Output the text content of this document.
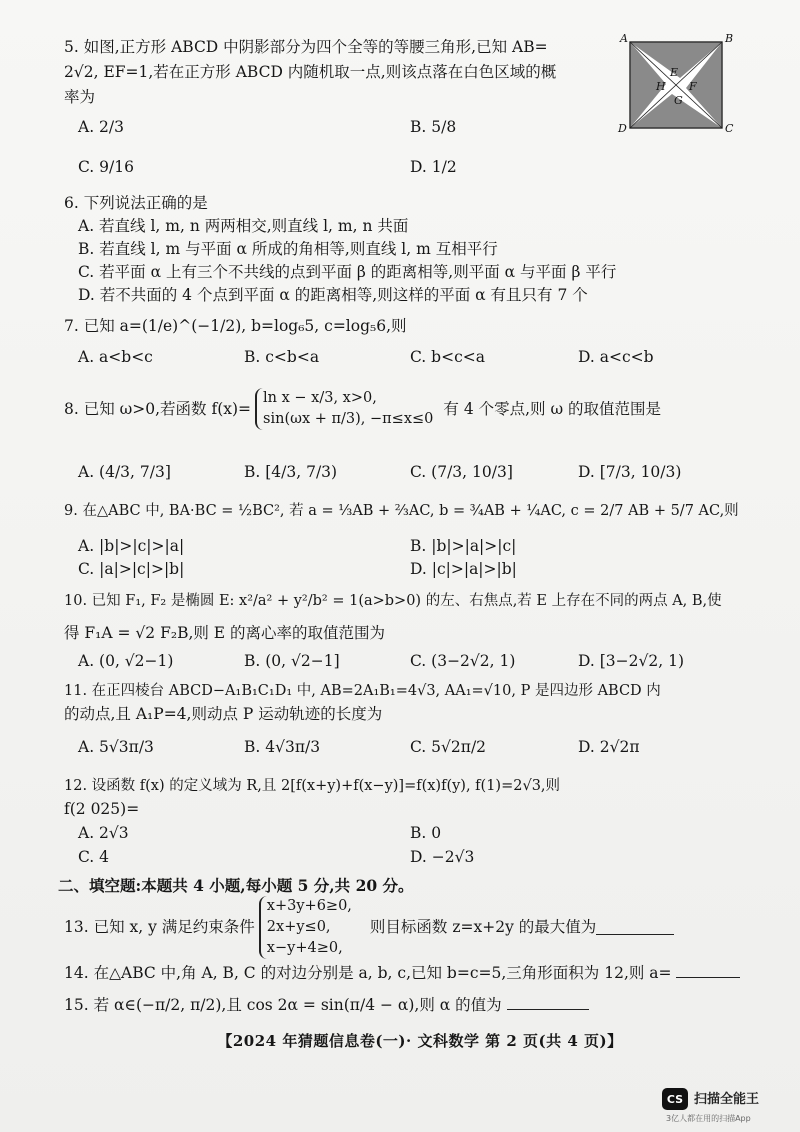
5. 如图,正方形 ABCD 中阴影部分为四个全等的等腰三角形,已知 AB=
2√2, EF=1,若在正方形 ABCD 内随机取一点,则该点落在白色区域的概
率为
A. 2/3	B. 5/8
C. 9/16	D. 1/2
A	B
C
D
E
F
G
H
6. 下列说法正确的是
A. 若直线 l, m, n 两两相交,则直线 l, m, n 共面
B. 若直线 l, m 与平面 α 所成的角相等,则直线 l, m 互相平行
C. 若平面 α 上有三个不共线的点到平面 β 的距离相等,则平面 α 与平面 β 平行
D. 若不共面的 4 个点到平面 α 的距离相等,则这样的平面 α 有且只有 7 个
7. 已知 a=(1/e)^(−1/2), b=log₆5, c=log₅6,则
A. a<b<c	B. c<b<a	C. b<c<a	D. a<c<b
8. 已知 ω>0,若函数 f(x)=
ln x − x/3, x>0,
sin(ωx + π/3), −π≤x≤0
有 4 个零点,则 ω 的取值范围是
A. (4/3, 7/3]	B. [4/3, 7/3)	C. (7/3, 10/3]	D. [7/3, 10/3)
9. 在△ABC 中, BA·BC = ½BC², 若 a = ⅓AB + ⅔AC, b = ¾AB + ¼AC, c = 2/7 AB + 5/7 AC,则
A. |b|>|c|>|a|	B. |b|>|a|>|c|
C. |a|>|c|>|b|	D. |c|>|a|>|b|
10. 已知 F₁, F₂ 是椭圆 E: x²/a² + y²/b² = 1(a>b>0) 的左、右焦点,若 E 上存在不同的两点 A, B,使
得 F₁A = √2 F₂B,则 E 的离心率的取值范围为
A. (0, √2−1)	B. (0, √2−1]	C. (3−2√2, 1)	D. [3−2√2, 1)
11. 在正四棱台 ABCD−A₁B₁C₁D₁ 中, AB=2A₁B₁=4√3, AA₁=√10, P 是四边形 ABCD 内
的动点,且 A₁P=4,则动点 P 运动轨迹的长度为
A. 5√3π/3	B. 4√3π/3	C. 5√2π/2	D. 2√2π
12. 设函数 f(x) 的定义域为 R,且 2[f(x+y)+f(x−y)]=f(x)f(y), f(1)=2√3,则
f(2 025)=
A. 2√3	B. 0
C. 4	D. −2√3
二、填空题:本题共 4 小题,每小题 5 分,共 20 分。
13. 已知 x, y 满足约束条件
x+3y+6≥0,
2x+y≤0,
x−y+4≥0,
则目标函数 z=x+2y 的最大值为
14. 在△ABC 中,角 A, B, C 的对边分别是 a, b, c,已知 b=c=5,三角形面积为 12,则 a=
15. 若 α∈(−π/2, π/2),且 cos 2α = sin(π/4 − α),则 α 的值为
【2024 年猜题信息卷(一)· 文科数学 第 2 页(共 4 页)】
CS 扫描全能王
3亿人都在用的扫描App
